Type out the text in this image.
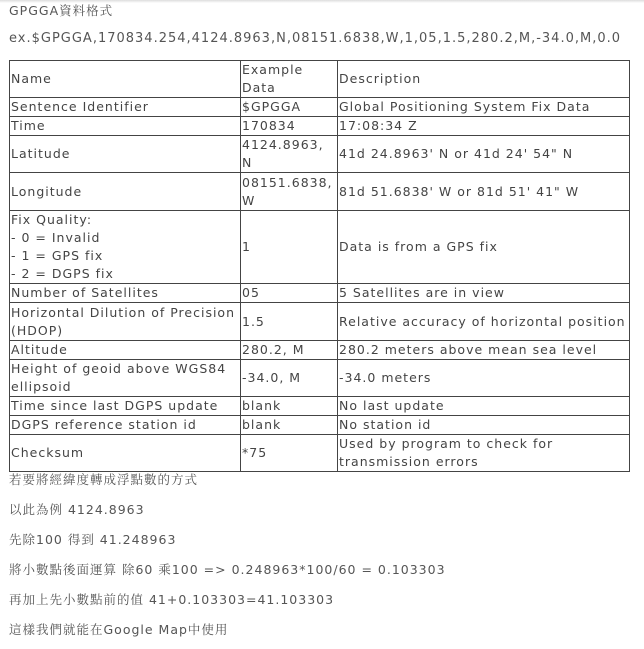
GPGGA資料格式
ex.$GPGGA,170834.254,4124.8963,N,08151.6838,W,1,05,1.5,280.2,M,-34.0,M,0.0
Name	Example Data	Description
Sentence Identifier	$GPGGA	Global Positioning System Fix Data
Time	170834	17:08:34 Z
Latitude	4124.8963, N	41d 24.8963' N or 41d 24' 54" N
Longitude	08151.6838, W	81d 51.6838' W or 81d 51' 41" W
Fix Quality:
- 0 = Invalid
- 1 = GPS fix
- 2 = DGPS fix	1	Data is from a GPS fix
Number of Satellites	05	5 Satellites are in view
Horizontal Dilution of Precision (HDOP)	1.5	Relative accuracy of horizontal position
Altitude	280.2, M	280.2 meters above mean sea level
Height of geoid above WGS84 ellipsoid	-34.0, M	-34.0 meters
Time since last DGPS update	blank	No last update
DGPS reference station id	blank	No station id
Checksum	*75	Used by program to check for transmission errors
若要將經緯度轉成浮點數的方式
以此為例 4124.8963
先除100 得到 41.248963
將小數點後面運算 除60 乘100 => 0.248963*100/60 = 0.103303
再加上先小數點前的值 41+0.103303=41.103303
這樣我們就能在Google Map中使用
